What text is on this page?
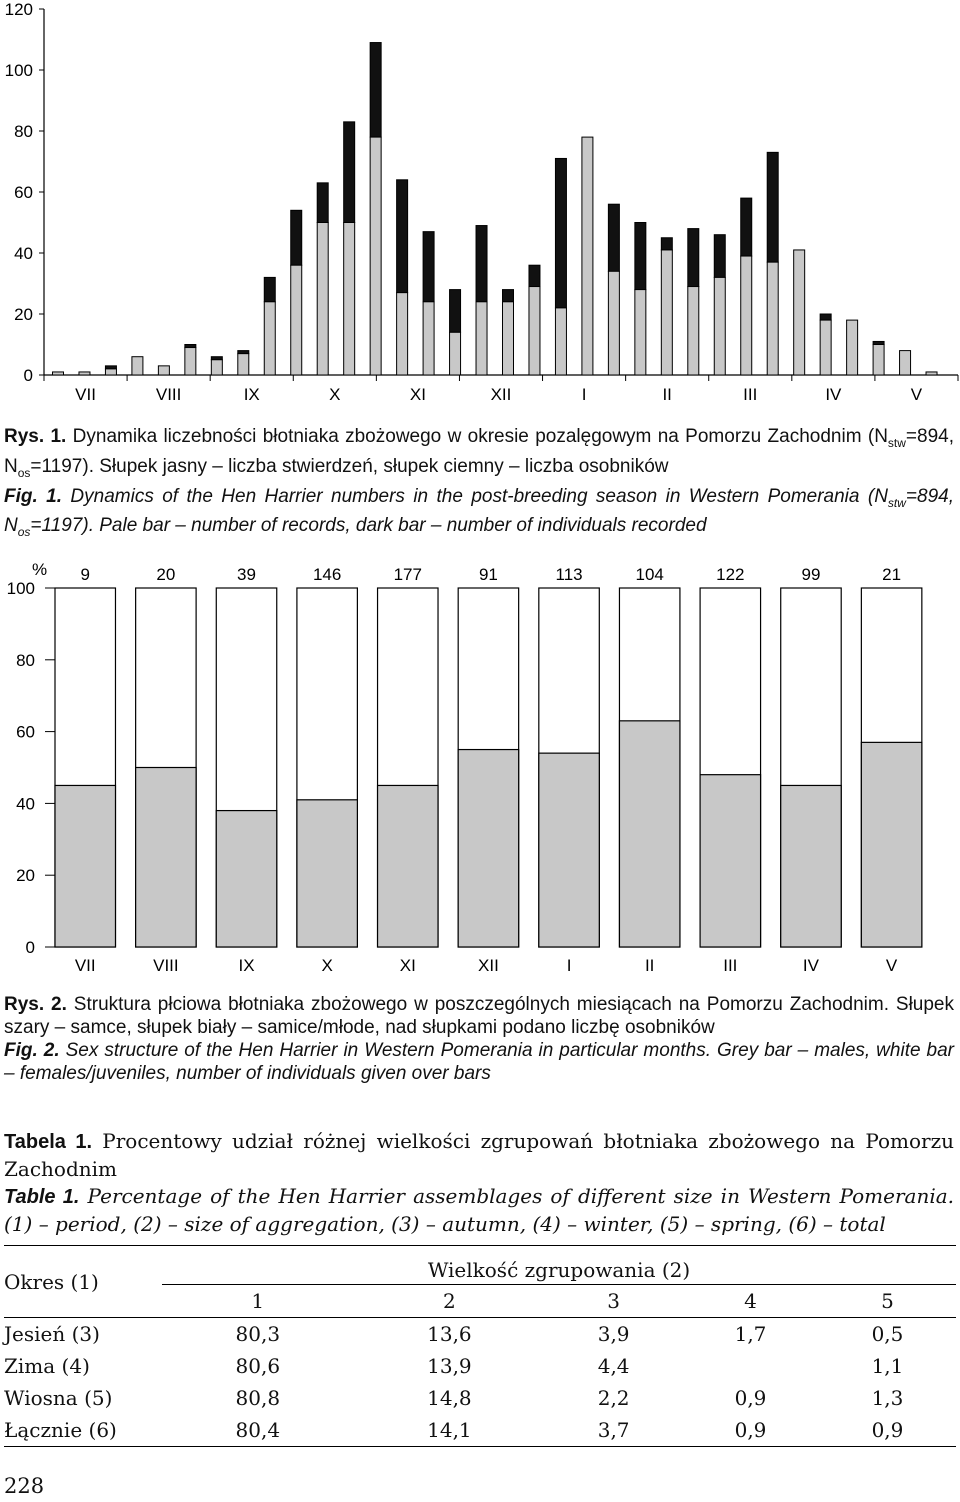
0
20
40
60
80
100
120
VII	VIII	IX	X	XI	XII	I	II	III	IV	V
Rys. 1. Dynamika liczebności błotniaka zbożowego w okresie pozalęgowym na Pomorzu Zachodnim ($N_{stw}=894$, $N_{os}=1197$). Słupek jasny – liczba stwierdzeń, słupek ciemny – liczba osobników
Fig. 1. Dynamics of the Hen Harrier numbers in the post-breeding season in Western Pomerania ($N_{stw}=894$, $N_{os}=1197$). Pale bar – number of records, dark bar – number of individuals recorded
0
20
40
60
80
100
% 9
VII
20
VIII
39
IX
146
X
177
XI
91
XII
113
I
104
II
122
III
99
IV
21
V
Rys. 2. Struktura płciowa błotniaka zbożowego w poszczególnych miesiącach na Pomorzu Zachodnim. Słupek szary – samce, słupek biały – samice/młode, nad słupkami podano liczbę osobników
Fig. 2. Sex structure of the Hen Harrier in Western Pomerania in particular months. Grey bar – males, white bar – females/juveniles, number of individuals given over bars
Tabela 1. Procentowy udział różnej wielkości zgrupowań błotniaka zbożowego na Pomorzu Zachodnim
Table 1. Percentage of the Hen Harrier assemblages of different size in Western Pomerania. (1) – period, (2) – size of aggregation, (3) – autumn, (4) – winter, (5) – spring, (6) – total
Okres (1)	Wielkość zgrupowania (2)				
	1	2	3	4	5
Jesień (3)	80,3	13,6	3,9	1,7	0,5
Zima (4)	80,6	13,9	4,4		1,1
Wiosna (5)	80,8	14,8	2,2	0,9	1,3
Łącznie (6)	80,4	14,1	3,7	0,9	0,9
228
